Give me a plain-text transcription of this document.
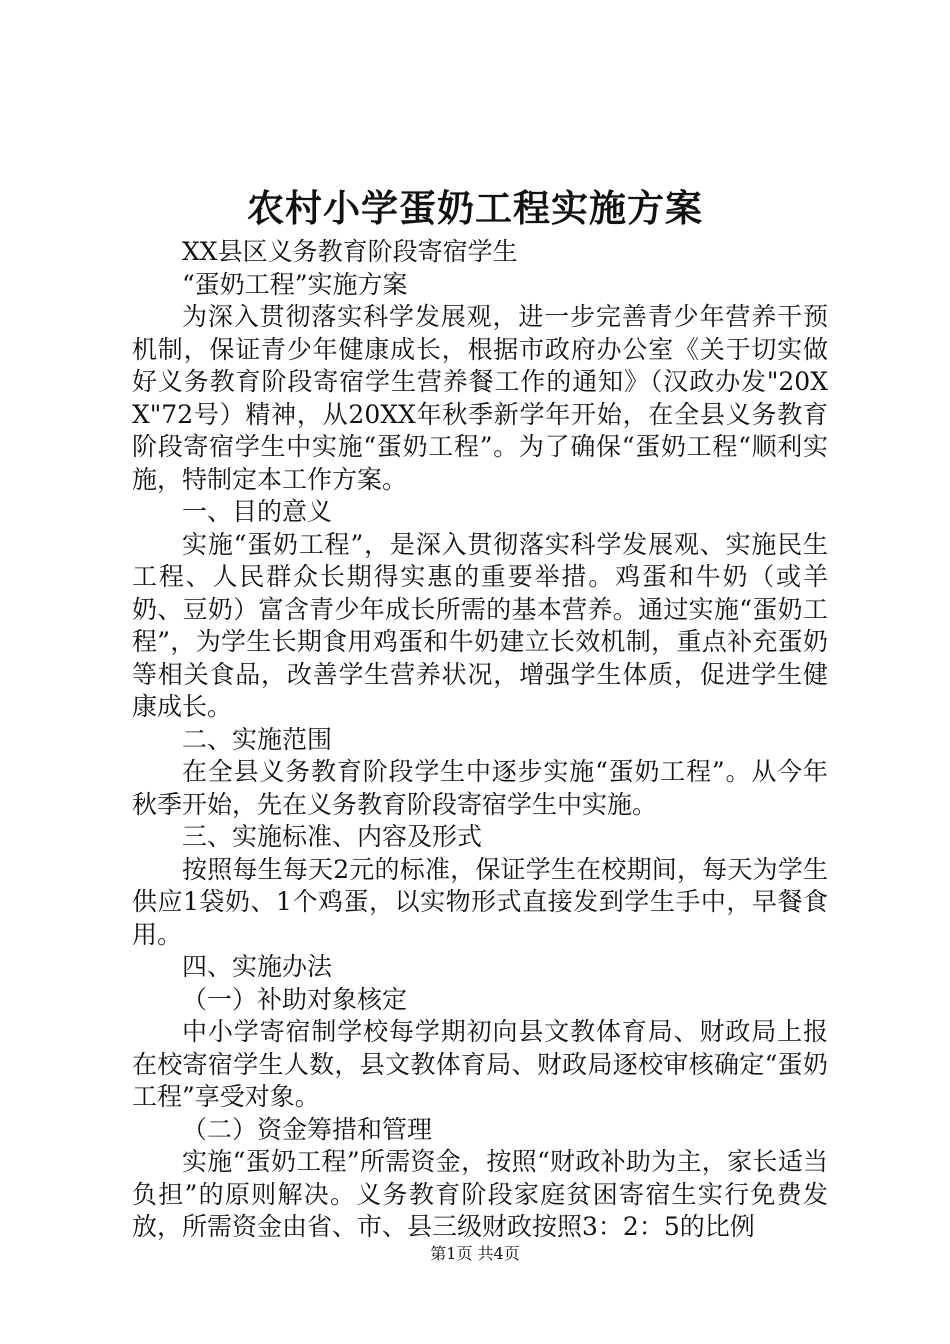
农村小学蛋奶工程实施方案

XX县区义务教育阶段寄宿学生

“蛋奶工程”实施方案

为深入贯彻落实科学发展观，进一步完善青少年营养干预机制，保证青少年健康成长，根据市政府办公室《关于切实做好义务教育阶段寄宿学生营养餐工作的通知》（汉政办发"20XX"72号）精神，从20XX年秋季新学年开始，在全县义务教育阶段寄宿学生中实施“蛋奶工程”。为了确保“蛋奶工程“顺利实施，特制定本工作方案。

一、目的意义

实施“蛋奶工程”，是深入贯彻落实科学发展观、实施民生工程、人民群众长期得实惠的重要举措。鸡蛋和牛奶（或羊奶、豆奶）富含青少年成长所需的基本营养。通过实施“蛋奶工程”，为学生长期食用鸡蛋和牛奶建立长效机制，重点补充蛋奶等相关食品，改善学生营养状况，增强学生体质，促进学生健康成长。

二、实施范围

在全县义务教育阶段学生中逐步实施“蛋奶工程”。从今年秋季开始，先在义务教育阶段寄宿学生中实施。

三、实施标准、内容及形式

按照每生每天2元的标准，保证学生在校期间，每天为学生供应1袋奶、1个鸡蛋，以实物形式直接发到学生手中，早餐食用。

四、实施办法

（一）补助对象核定

中小学寄宿制学校每学期初向县文教体育局、财政局上报在校寄宿学生人数，县文教体育局、财政局逐校审核确定“蛋奶工程”享受对象。

（二）资金筹措和管理

实施“蛋奶工程”所需资金，按照“财政补助为主，家长适当负担”的原则解决。义务教育阶段家庭贫困寄宿生实行免费发放，所需资金由省、市、县三级财政按照3：2：5的比例

第1页 共4页
